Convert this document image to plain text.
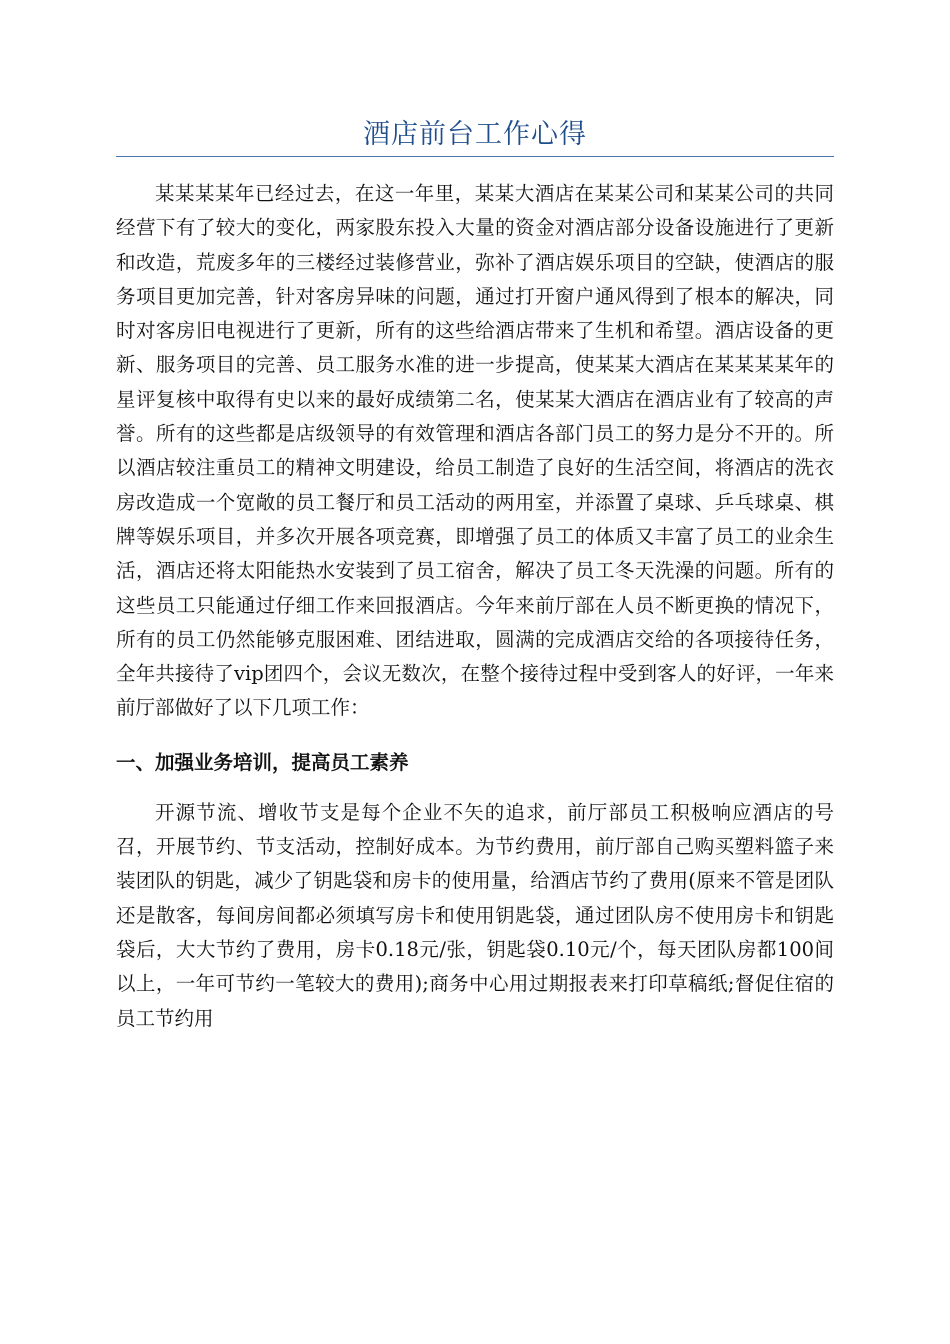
酒店前台工作心得

某某某某年已经过去，在这一年里，某某大酒店在某某公司和某某公司的共同经营下有了较大的变化，两家股东投入大量的资金对酒店部分设备设施进行了更新和改造，荒废多年的三楼经过装修营业，弥补了酒店娱乐项目的空缺，使酒店的服务项目更加完善，针对客房异味的问题，通过打开窗户通风得到了根本的解决，同时对客房旧电视进行了更新，所有的这些给酒店带来了生机和希望。酒店设备的更新、服务项目的完善、员工服务水准的进一步提高，使某某大酒店在某某某某年的星评复核中取得有史以来的最好成绩第二名，使某某大酒店在酒店业有了较高的声誉。所有的这些都是店级领导的有效管理和酒店各部门员工的努力是分不开的。所以酒店较注重员工的精神文明建设，给员工制造了良好的生活空间，将酒店的洗衣房改造成一个宽敞的员工餐厅和员工活动的两用室，并添置了桌球、乒乓球桌、棋牌等娱乐项目，并多次开展各项竞赛，即增强了员工的体质又丰富了员工的业余生活，酒店还将太阳能热水安装到了员工宿舍，解决了员工冬天洗澡的问题。所有的这些员工只能通过仔细工作来回报酒店。今年来前厅部在人员不断更换的情况下，所有的员工仍然能够克服困难、团结进取，圆满的完成酒店交给的各项接待任务，全年共接待了vip团四个，会议无数次，在整个接待过程中受到客人的好评，一年来前厅部做好了以下几项工作：

一、加强业务培训，提高员工素养

开源节流、增收节支是每个企业不矢的追求，前厅部员工积极响应酒店的号召，开展节约、节支活动，控制好成本。为节约费用，前厅部自己购买塑料篮子来装团队的钥匙，减少了钥匙袋和房卡的使用量，给酒店节约了费用(原来不管是团队还是散客，每间房间都必须填写房卡和使用钥匙袋，通过团队房不使用房卡和钥匙袋后，大大节约了费用，房卡0.18元/张，钥匙袋0.10元/个，每天团队房都100间以上，一年可节约一笔较大的费用);商务中心用过期报表来打印草稿纸;督促住宿的员工节约用
